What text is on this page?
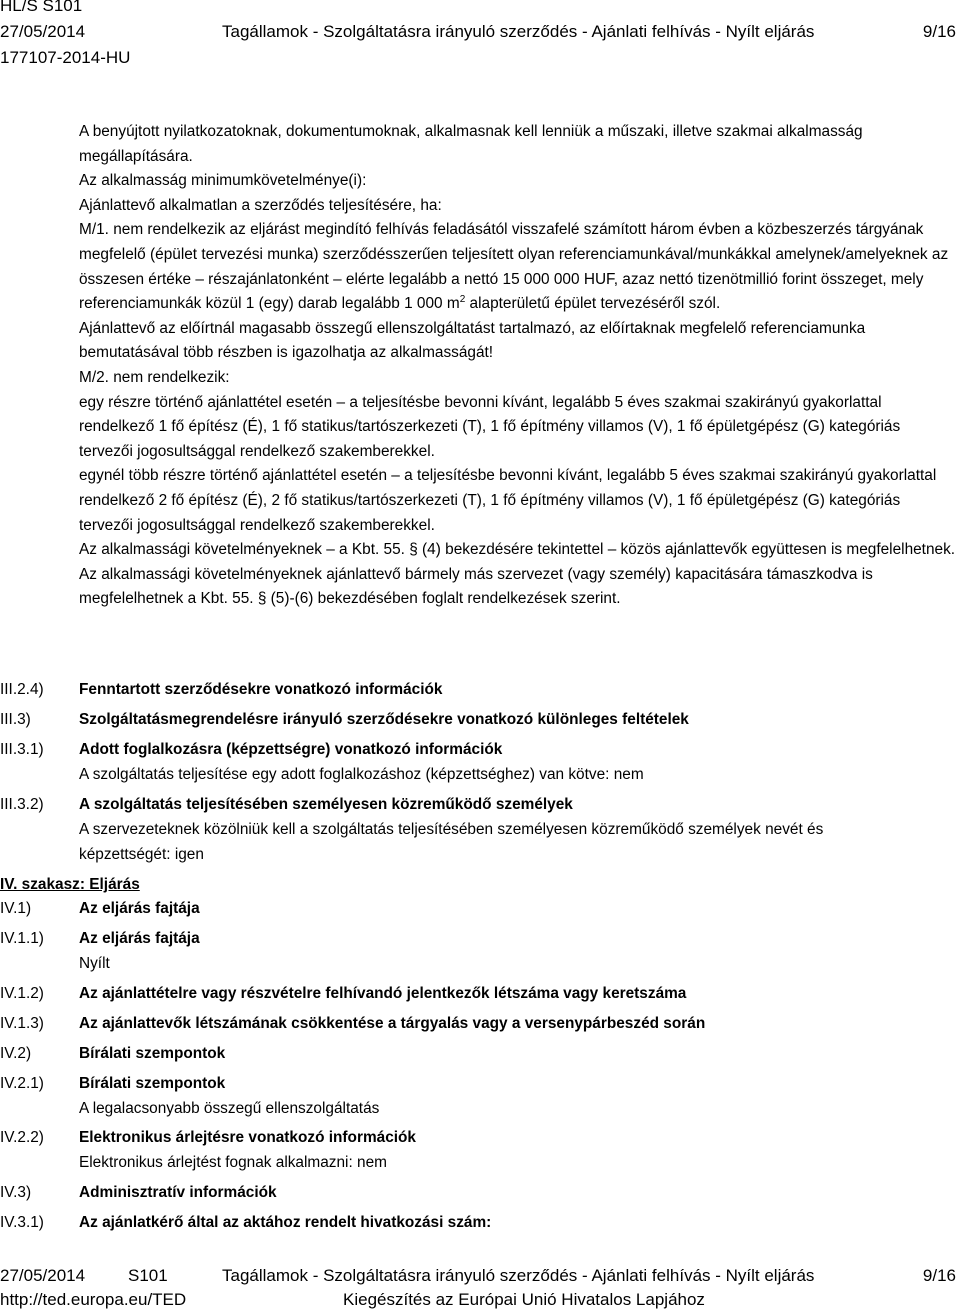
HL/S S101
27/05/2014
177107-2014-HU
Tagállamok - Szolgáltatásra irányuló szerződés - Ajánlati felhívás - Nyílt eljárás	9/16

A benyújtott nyilatkozatoknak, dokumentumoknak, alkalmasnak kell lenniük a műszaki, illetve szakmai alkalmasság megállapítására.

Az alkalmasság minimumkövetelménye(i):

Ajánlattevő alkalmatlan a szerződés teljesítésére, ha:

M/1. nem rendelkezik az eljárást megindító felhívás feladásától visszafelé számított három évben a közbeszerzés tárgyának megfelelő (épület tervezési munka) szerződésszerűen teljesített olyan referenciamunkával/munkákkal amelynek/amelyeknek az összesen értéke – részajánlatonként – elérte legalább a nettó 15 000 000 HUF, azaz nettó tizenötmillió forint összeget, mely referenciamunkák közül 1 (egy) darab legalább 1 000 $m^2$ alapterületű épület tervezéséről szól.

Ajánlattevő az előírtnál magasabb összegű ellenszolgáltatást tartalmazó, az előírtaknak megfelelő referenciamunka bemutatásával több részben is igazolhatja az alkalmasságát!

M/2. nem rendelkezik:

egy részre történő ajánlattétel esetén – a teljesítésbe bevonni kívánt, legalább 5 éves szakmai szakirányú gyakorlattal rendelkező 1 fő építész (É), 1 fő statikus/tartószerkezeti (T), 1 fő építmény villamos (V), 1 fő épületgépész (G) kategóriás tervezői jogosultsággal rendelkező szakemberekkel.

egynél több részre történő ajánlattétel esetén – a teljesítésbe bevonni kívánt, legalább 5 éves szakmai szakirányú gyakorlattal rendelkező 2 fő építész (É), 2 fő statikus/tartószerkezeti (T), 1 fő építmény villamos (V), 1 fő épületgépész (G) kategóriás tervezői jogosultsággal rendelkező szakemberekkel.

Az alkalmassági követelményeknek – a Kbt. 55. § (4) bekezdésére tekintettel – közös ajánlattevők együttesen is megfelelhetnek.

Az alkalmassági követelményeknek ajánlattevő bármely más szervezet (vagy személy) kapacitására támaszkodva is megfelelhetnek a Kbt. 55. § (5)-(6) bekezdésében foglalt rendelkezések szerint.

III.2.4) Fenntartott szerződésekre vonatkozó információk
III.3)	Szolgáltatásmegrendelésre irányuló szerződésekre vonatkozó különleges feltételek
III.3.1) Adott foglalkozásra (képzettségre) vonatkozó információk
A szolgáltatás teljesítése egy adott foglalkozáshoz (képzettséghez) van kötve: nem
III.3.2) A szolgáltatás teljesítésében személyesen közreműködő személyek
A szervezeteknek közölniük kell a szolgáltatás teljesítésében személyesen közreműködő személyek nevét és
képzettségét: igen
IV. szakasz: Eljárás
IV.1)	Az eljárás fajtája
IV.1.1) Az eljárás fajtája
Nyílt
IV.1.2) Az ajánlattételre vagy részvételre felhívandó jelentkezők létszáma vagy keretszáma
IV.1.3) Az ajánlattevők létszámának csökkentése a tárgyalás vagy a versenypárbeszéd során
IV.2)	Bírálati szempontok
IV.2.1) Bírálati szempontok
A legalacsonyabb összegű ellenszolgáltatás
IV.2.2) Elektronikus árlejtésre vonatkozó információk
Elektronikus árlejtést fognak alkalmazni: nem
IV.3)	Adminisztratív információk
IV.3.1) Az ajánlatkérő által az aktához rendelt hivatkozási szám:
27/05/2014	S101	Tagállamok - Szolgáltatásra irányuló szerződés - Ajánlati felhívás - Nyílt eljárás	9/16
http://ted.europa.eu/TED	Kiegészítés az Európai Unió Hivatalos Lapjához
